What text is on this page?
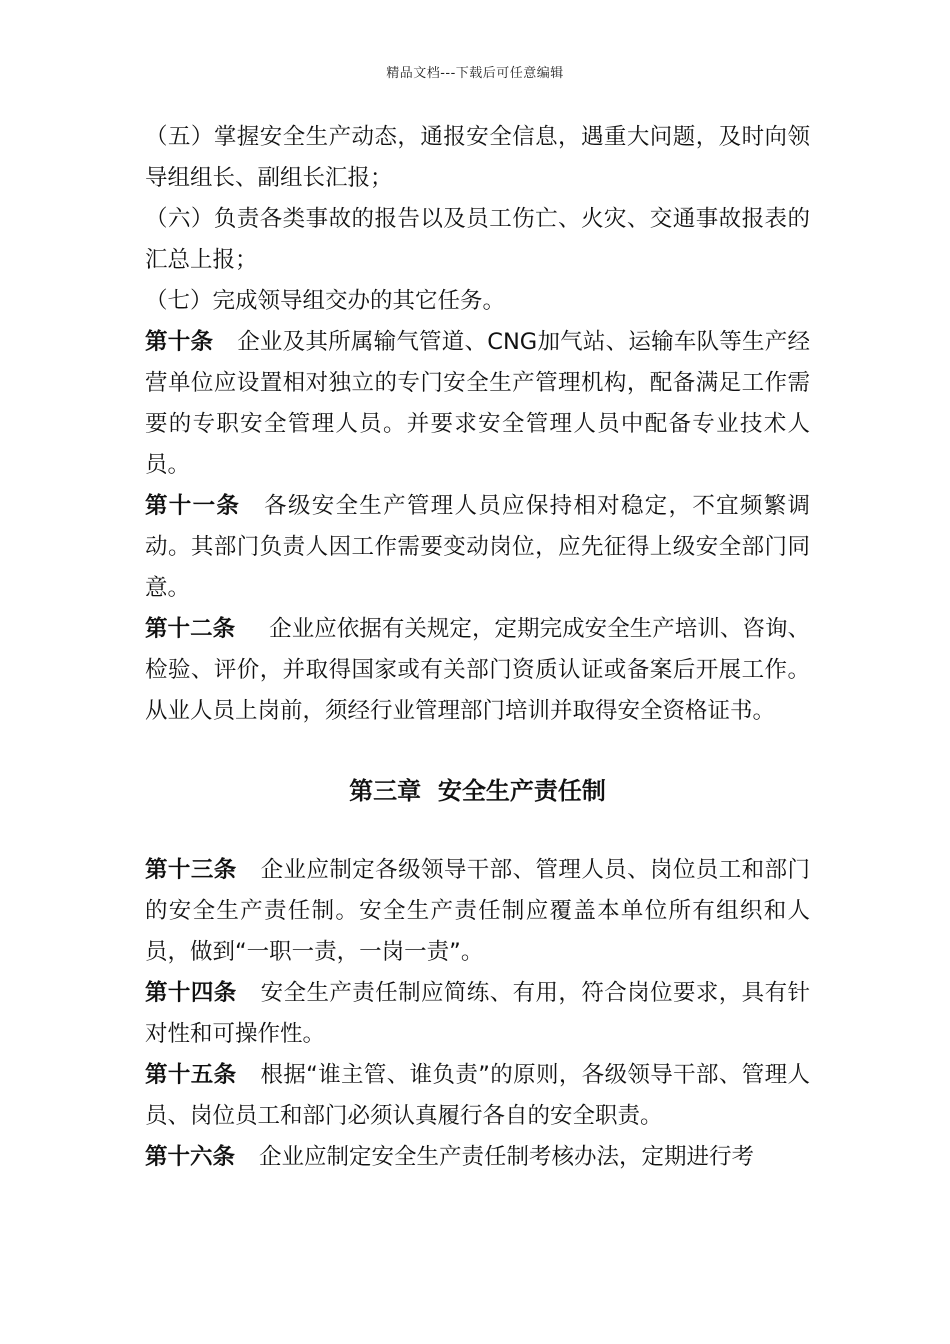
精品文档---下载后可任意编辑

（五）掌握安全生产动态，通报安全信息，遇重大问题，及时向领导组组长、副组长汇报；

（六）负责各类事故的报告以及员工伤亡、火灾、交通事故报表的汇总上报；

（七）完成领导组交办的其它任务。

第十条 企业及其所属输气管道、CNG加气站、运输车队等生产经营单位应设置相对独立的专门安全生产管理机构，配备满足工作需要的专职安全管理人员。并要求安全管理人员中配备专业技术人员。

第十一条 各级安全生产管理人员应保持相对稳定，不宜频繁调动。其部门负责人因工作需要变动岗位，应先征得上级安全部门同意。

第十二条 企业应依据有关规定，定期完成安全生产培训、咨询、检验、评价，并取得国家或有关部门资质认证或备案后开展工作。从业人员上岗前，须经行业管理部门培训并取得安全资格证书。

第三章  安全生产责任制

第十三条 企业应制定各级领导干部、管理人员、岗位员工和部门的安全生产责任制。安全生产责任制应覆盖本单位所有组织和人员，做到“一职一责，一岗一责”。

第十四条 安全生产责任制应简练、有用，符合岗位要求，具有针对性和可操作性。

第十五条 根据“谁主管、谁负责”的原则，各级领导干部、管理人员、岗位员工和部门必须认真履行各自的安全职责。

第十六条 企业应制定安全生产责任制考核办法，定期进行考
